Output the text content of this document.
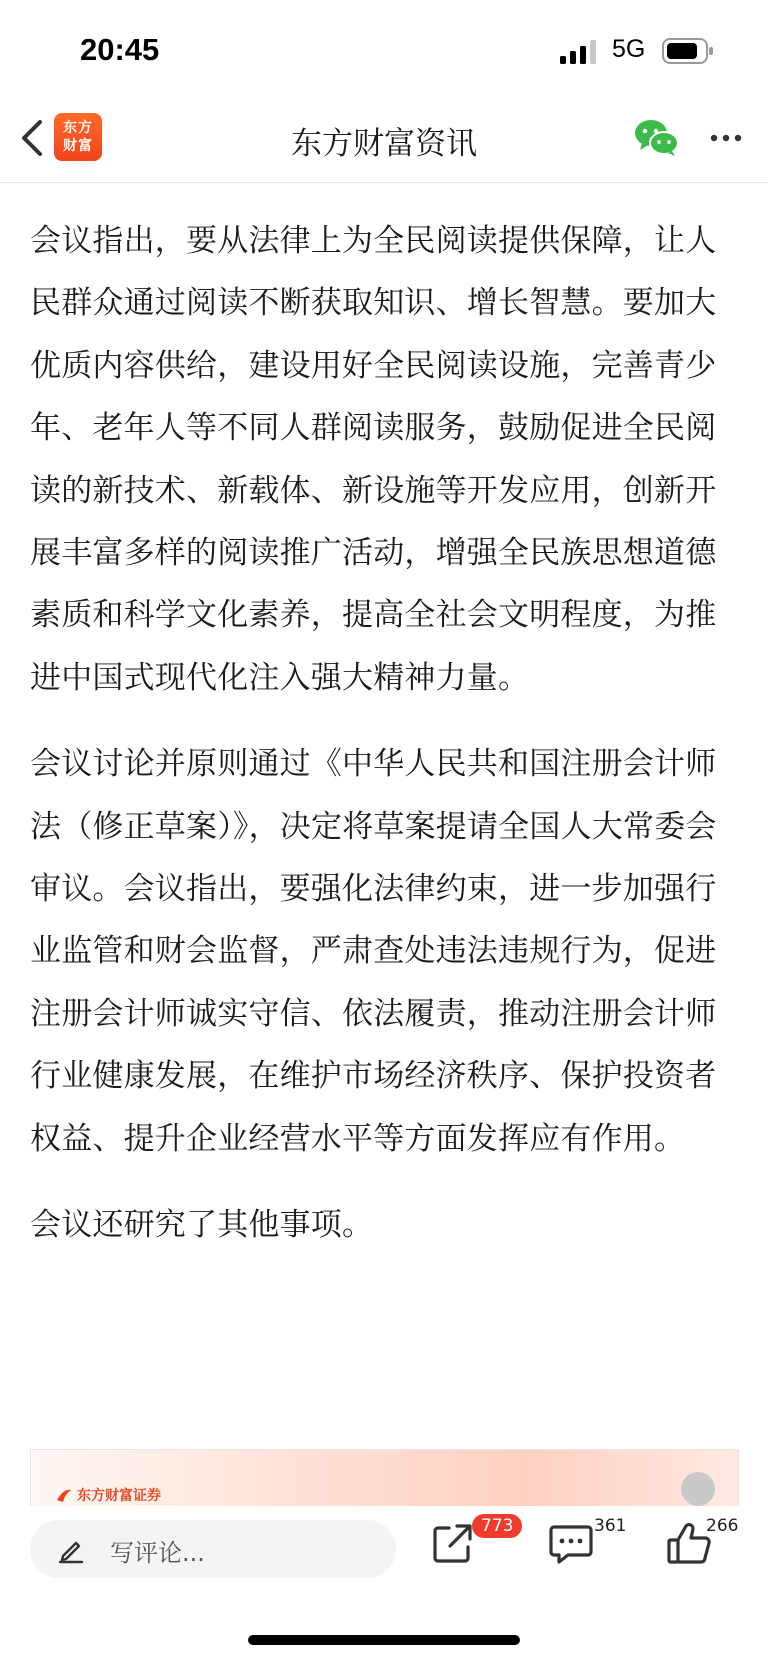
20:45	5G
东方
财富	东方财富资讯

会议指出，要从法律上为全民阅读提供保障，让人民群众通过阅读不断获取知识、增长智慧。要加大优质内容供给，建设用好全民阅读设施，完善青少年、老年人等不同人群阅读服务，鼓励促进全民阅读的新技术、新载体、新设施等开发应用，创新开展丰富多样的阅读推广活动，增强全民族思想道德素质和科学文化素养，提高全社会文明程度，为推进中国式现代化注入强大精神力量。

会议讨论并原则通过《中华人民共和国注册会计师法（修正草案）》，决定将草案提请全国人大常委会审议。会议指出，要强化法律约束，进一步加强行业监管和财会监督，严肃查处违法违规行为，促进注册会计师诚实守信、依法履责，推动注册会计师行业健康发展，在维护市场经济秩序、保护投资者权益、提升企业经营水平等方面发挥应有作用。

会议还研究了其他事项。

东方财富证券
写评论...
773	361	266
